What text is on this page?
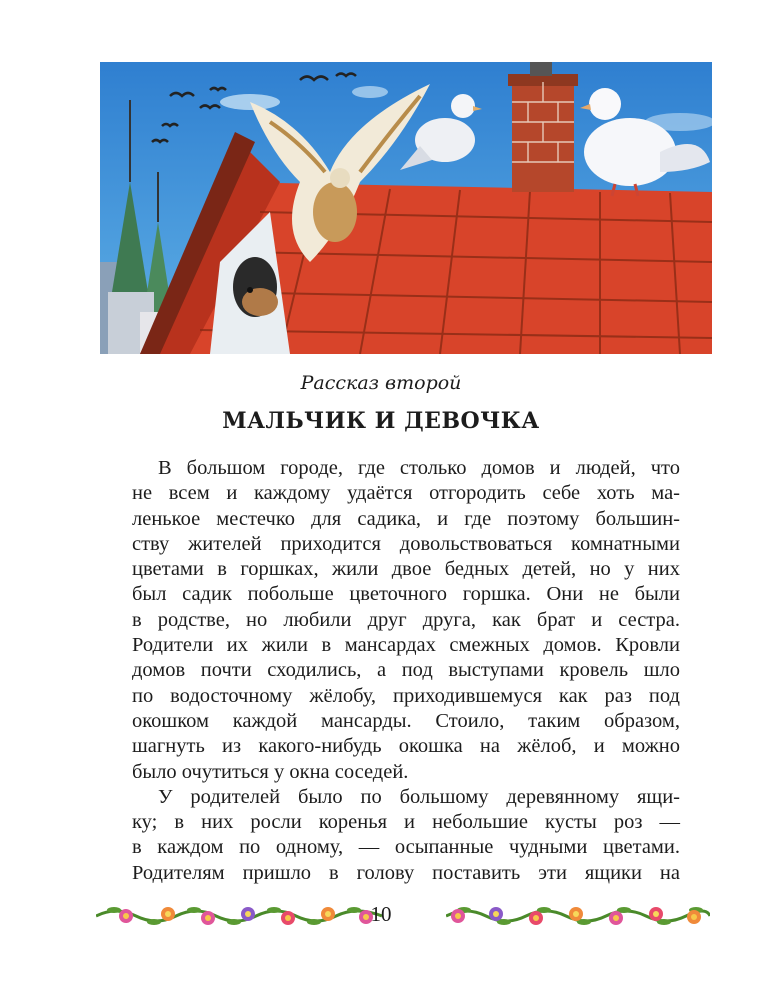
Рассказ второй
МАЛЬЧИК И ДЕВОЧКА
В большом городе, где столько домов и людей, что
не всем и каждому удаётся отгородить себе хоть ма-
ленькое местечко для садика, и где поэтому большин-
ству жителей приходится довольствоваться комнатными
цветами в горшках, жили двое бедных детей, но у них
был садик побольше цветочного горшка. Они не были
в родстве, но любили друг друга, как брат и сестра.
Родители их жили в мансардах смежных домов. Кровли
домов почти сходились, а под выступами кровель шло
по водосточному жёлобу, приходившемуся как раз под
окошком каждой мансарды. Стоило, таким образом,
шагнуть из какого-нибудь окошка на жёлоб, и можно
было очутиться у окна соседей.
У родителей было по большому деревянному ящи-
ку; в них росли коренья и небольшие кусты роз —
в каждом по одному, — осыпанные чудными цветами.
Родителям пришло в голову поставить эти ящики на
10
